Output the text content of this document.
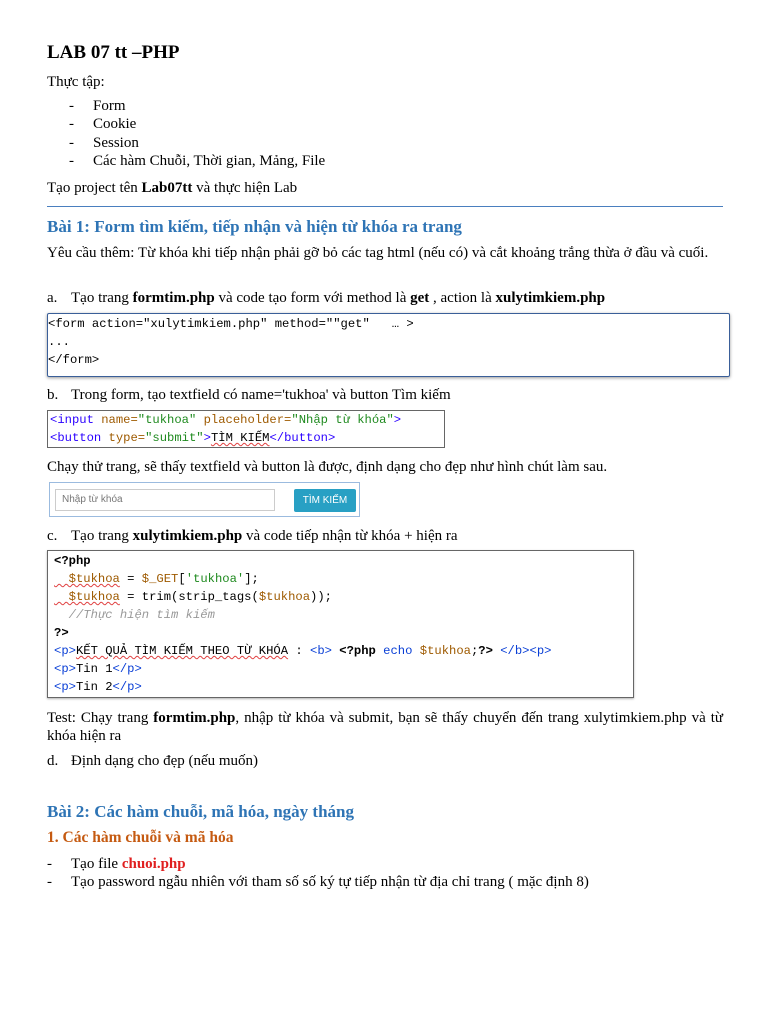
LAB 07 tt –PHP
Thực tập:
- Form
- Cookie
- Session
- Các hàm Chuỗi, Thời gian, Mảng, File
Tạo project tên Lab07tt và thực hiện Lab
Bài 1: Form tìm kiếm, tiếp nhận và hiện từ khóa ra trang
Yêu cầu thêm: Từ khóa khi tiếp nhận phải gỡ bỏ các tag html (nếu có) và cắt khoảng trắng thừa ở đầu và cuối.
a. Tạo trang formtim.php và code tạo form với method là get , action là xulytimkiem.php
<form action="xulytimkiem.php" method=""get"   … >
...
</form>
b. Trong form, tạo textfield có name='tukhoa' và button Tìm kiếm
<input name="tukhoa" placeholder="Nhập từ khóa">
<button type="submit">TÌM KIẾM</button>
Chạy thử trang, sẽ thấy textfield và button là được, định dạng cho đẹp như hình chút làm sau.
Nhập từ khóa	TÌM KIẾM
c. Tạo trang xulytimkiem.php và code tiếp nhận từ khóa + hiện ra
<?php
$tukhoa = $_GET['tukhoa'];
$tukhoa = trim(strip_tags($tukhoa));
//Thực hiện tìm kiếm
?>
<p>KẾT QUẢ TÌM KIẾM THEO TỪ KHÓA : <b> <?php echo $tukhoa;?> </b><p>
<p>Tin 1</p>
<p>Tin 2</p>
Test: Chạy trang formtim.php, nhập từ khóa và submit, bạn sẽ thấy chuyển đến trang xulytimkiem.php và từ khóa hiện ra
d. Định dạng cho đẹp (nếu muốn)
Bài 2: Các hàm chuỗi, mã hóa, ngày tháng
1. Các hàm chuỗi và mã hóa
- Tạo file chuoi.php
- Tạo password ngẫu nhiên với tham số số ký tự tiếp nhận từ địa chỉ trang ( mặc định 8)
